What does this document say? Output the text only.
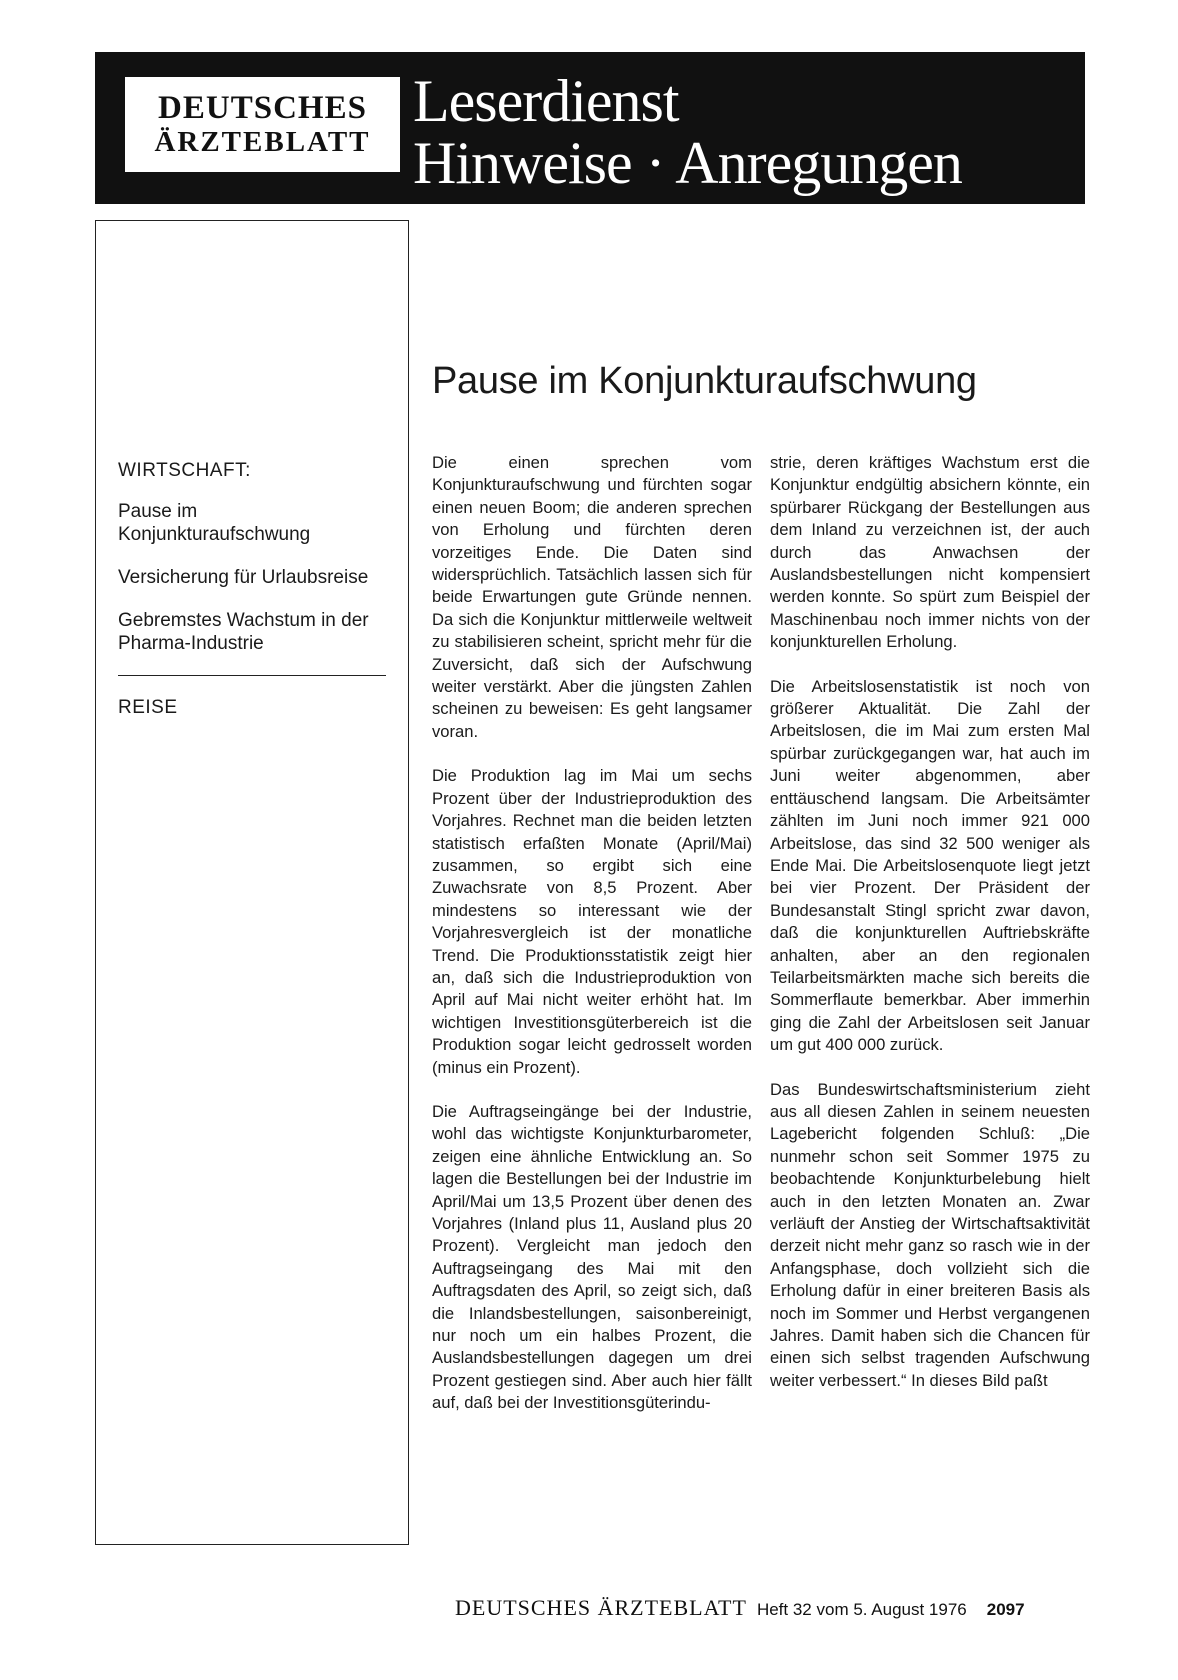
DEUTSCHES
ÄRZTEBLATT
Leserdienst
Hinweise · Anregungen
WIRTSCHAFT:
Pause im Konjunkturaufschwung
Versicherung für Urlaubsreise
Gebremstes Wachstum in der Pharma-Industrie
REISE
Pause im Konjunkturaufschwung

Die einen sprechen vom Konjunkturaufschwung und fürchten sogar einen neuen Boom; die anderen sprechen von Erholung und fürchten deren vorzeitiges Ende. Die Daten sind widersprüchlich. Tatsächlich lassen sich für beide Erwartungen gute Gründe nennen. Da sich die Konjunktur mittlerweile weltweit zu stabilisieren scheint, spricht mehr für die Zuversicht, daß sich der Aufschwung weiter verstärkt. Aber die jüngsten Zahlen scheinen zu beweisen: Es geht langsamer voran.

Die Produktion lag im Mai um sechs Prozent über der Industrieproduktion des Vorjahres. Rechnet man die beiden letzten statistisch erfaßten Monate (April/Mai) zusammen, so ergibt sich eine Zuwachsrate von 8,5 Prozent. Aber mindestens so interessant wie der Vorjahresvergleich ist der monatliche Trend. Die Produktionsstatistik zeigt hier an, daß sich die Industrieproduktion von April auf Mai nicht weiter erhöht hat. Im wichtigen Investitionsgüterbereich ist die Produktion sogar leicht gedrosselt worden (minus ein Prozent).

Die Auftragseingänge bei der Industrie, wohl das wichtigste Konjunkturbarometer, zeigen eine ähnliche Entwicklung an. So lagen die Bestellungen bei der Industrie im April/Mai um 13,5 Prozent über denen des Vorjahres (Inland plus 11, Ausland plus 20 Prozent). Vergleicht man jedoch den Auftragseingang des Mai mit den Auftragsdaten des April, so zeigt sich, daß die Inlandsbestellungen, saisonbereinigt, nur noch um ein halbes Prozent, die Auslandsbestellungen dagegen um drei Prozent gestiegen sind. Aber auch hier fällt auf, daß bei der Investitionsgüterindu-

strie, deren kräftiges Wachstum erst die Konjunktur endgültig absichern könnte, ein spürbarer Rückgang der Bestellungen aus dem Inland zu verzeichnen ist, der auch durch das Anwachsen der Auslandsbestellungen nicht kompensiert werden konnte. So spürt zum Beispiel der Maschinenbau noch immer nichts von der konjunkturellen Erholung.

Die Arbeitslosenstatistik ist noch von größerer Aktualität. Die Zahl der Arbeitslosen, die im Mai zum ersten Mal spürbar zurückgegangen war, hat auch im Juni weiter abgenommen, aber enttäuschend langsam. Die Arbeitsämter zählten im Juni noch immer 921 000 Arbeitslose, das sind 32 500 weniger als Ende Mai. Die Arbeitslosenquote liegt jetzt bei vier Prozent. Der Präsident der Bundesanstalt Stingl spricht zwar davon, daß die konjunkturellen Auftriebskräfte anhalten, aber an den regionalen Teilarbeitsmärkten mache sich bereits die Sommerflaute bemerkbar. Aber immerhin ging die Zahl der Arbeitslosen seit Januar um gut 400 000 zurück.

Das Bundeswirtschaftsministerium zieht aus all diesen Zahlen in seinem neuesten Lagebericht folgenden Schluß: „Die nunmehr schon seit Sommer 1975 zu beobachtende Konjunkturbelebung hielt auch in den letzten Monaten an. Zwar verläuft der Anstieg der Wirtschaftsaktivität derzeit nicht mehr ganz so rasch wie in der Anfangsphase, doch vollzieht sich die Erholung dafür in einer breiteren Basis als noch im Sommer und Herbst vergangenen Jahres. Damit haben sich die Chancen für einen sich selbst tragenden Aufschwung weiter verbessert.“ In dieses Bild paßt

DEUTSCHES ÄRZTEBLATT Heft 32 vom 5. August 1976 2097
